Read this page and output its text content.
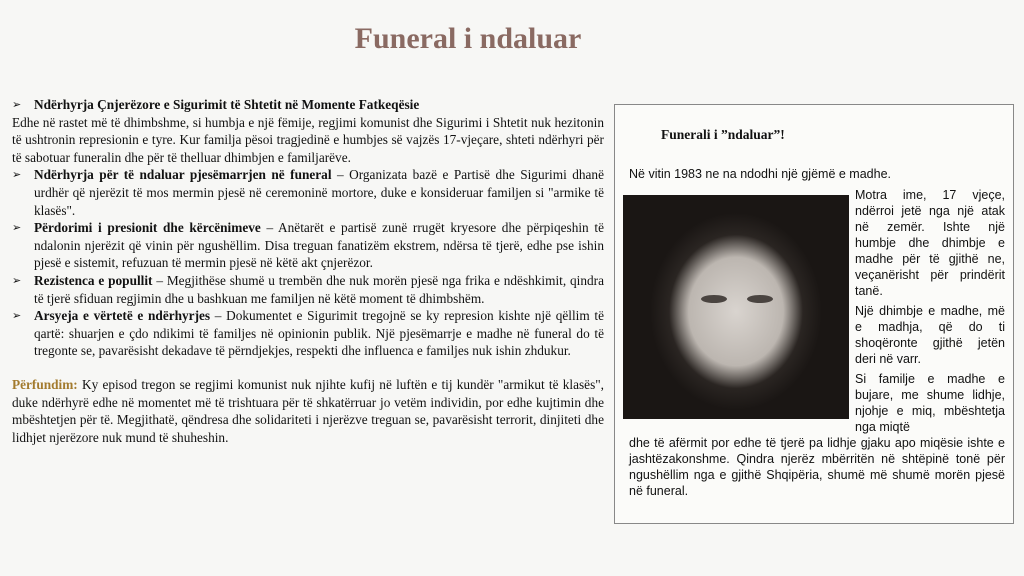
Funeral i ndaluar
➢ Ndërhyrja Çnjerëzore e Sigurimit të Shtetit në Momente Fatkeqësie

Edhe në rastet më të dhimbshme, si humbja e një fëmije, regjimi komunist dhe Sigurimi i Shtetit nuk hezitonin të ushtronin represionin e tyre. Kur familja pësoi tragjedinë e humbjes së vajzës 17-vjeçare, shteti ndërhyri për të sabotuar funeralin dhe për të thelluar dhimbjen e familjarëve.

➢ Ndërhyrja për të ndaluar pjesëmarrjen në funeral – Organizata bazë e Partisë dhe Sigurimi dhanë urdhër që njerëzit të mos mermin pjesë në ceremoninë mortore, duke e konsideruar familjen si "armike të klasës".
➢ Përdorimi i presionit dhe kërcënimeve – Anëtarët e partisë zunë rrugët kryesore dhe përpiqeshin të ndalonin njerëzit që vinin për ngushëllim. Disa treguan fanatizëm ekstrem, ndërsa të tjerë, edhe pse ishin pjesë e sistemit, refuzuan të mermin pjesë në këtë akt çnjerëzor.
➢ Rezistenca e popullit – Megjithëse shumë u trembën dhe nuk morën pjesë nga frika e ndëshkimit, qindra të tjerë sfiduan regjimin dhe u bashkuan me familjen në këtë moment të dhimbshëm.
➢ Arsyeja e vërtetë e ndërhyrjes – Dokumentet e Sigurimit tregojnë se ky represion kishte një qëllim të qartë: shuarjen e çdo ndikimi të familjes në opinionin publik. Një pjesëmarrje e madhe në funeral do të tregonte se, pavarësisht dekadave të përndjekjes, respekti dhe influenca e familjes nuk ishin zhdukur.

Përfundim: Ky episod tregon se regjimi komunist nuk njihte kufij në luftën e tij kundër "armikut të klasës", duke ndërhyrë edhe në momentet më të trishtuara për të shkatërruar jo vetëm individin, por edhe kujtimin dhe mbështetjen për të. Megjithatë, qëndresa dhe solidariteti i njerëzve treguan se, pavarësisht terrorit, dinjiteti dhe lidhjet njerëzore nuk mund të shuheshin.

Funerali i ”ndaluar”!
Në vitin 1983 ne na ndodhi një gjëmë e madhe.

Motra ime, 17 vjeçe, ndërroi jetë nga një atak në zemër. Ishte një humbje dhe dhimbje e madhe për të gjithë ne, veçanërisht për prindërit tanë.

Një dhimbje e madhe, më e madhja, që do ti shoqëronte gjithë jetën deri në varr.

Si familje e madhe e bujare, me shume lidhje, njohje e miq, mbështetja nga miqtë

dhe të afërmit por edhe të tjerë pa lidhje gjaku apo miqësie ishte e jashtëzakonshme. Qindra njerëz mbërritën në shtëpinë tonë për ngushëllim nga e gjithë Shqipëria, shumë më shumë morën pjesë në funeral.
